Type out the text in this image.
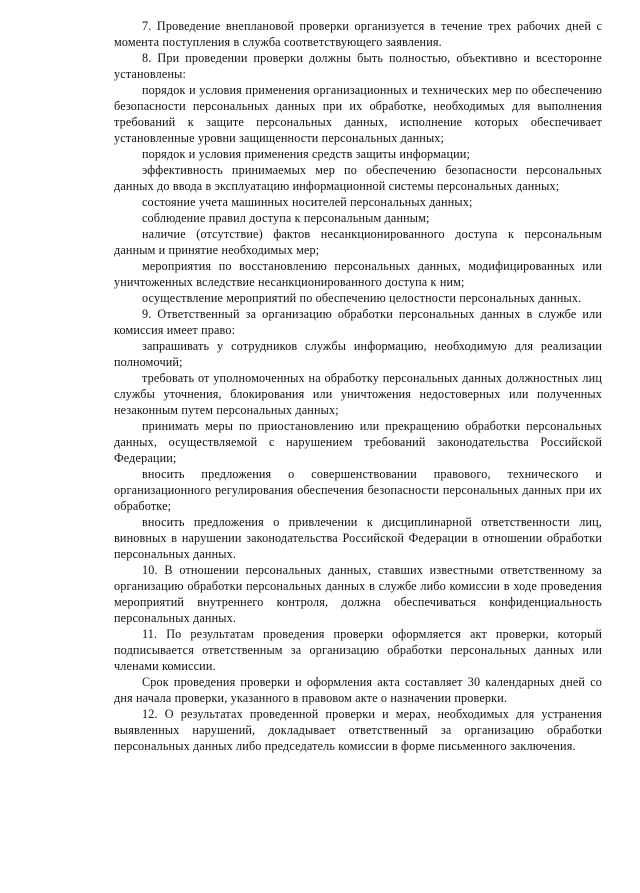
7. Проведение внеплановой проверки организуется в течение трех рабочих дней с момента поступления в служба соответствующего заявления.

8. При проведении проверки должны быть полностью, объективно и всесторонне установлены:

порядок и условия применения организационных и технических мер по обеспечению безопасности персональных данных при их обработке, необходимых для выполнения требований к защите персональных данных, исполнение которых обеспечивает установленные уровни защищенности персональных данных;

порядок и условия применения средств защиты информации;

эффективность принимаемых мер по обеспечению безопасности персональных данных до ввода в эксплуатацию информационной системы персональных данных;

состояние учета машинных носителей персональных данных;

соблюдение правил доступа к персональным данным;

наличие (отсутствие) фактов несанкционированного доступа к персональным данным и принятие необходимых мер;

мероприятия по восстановлению персональных данных, модифицированных или уничтоженных вследствие несанкционированного доступа к ним;

осуществление мероприятий по обеспечению целостности персональных данных.

9. Ответственный за организацию обработки персональных данных в службе или комиссия имеет право:

запрашивать у сотрудников службы информацию, необходимую для реализации полномочий;

требовать от уполномоченных на обработку персональных данных должностных лиц службы уточнения, блокирования или уничтожения недостоверных или полученных незаконным путем персональных данных;

принимать меры по приостановлению или прекращению обработки персональных данных, осуществляемой с нарушением требований законодательства Российской Федерации;

вносить предложения о совершенствовании правового, технического и организационного регулирования обеспечения безопасности персональных данных при их обработке;

вносить предложения о привлечении к дисциплинарной ответственности лиц, виновных в нарушении законодательства Российской Федерации в отношении обработки персональных данных.

10. В отношении персональных данных, ставших известными ответственному за организацию обработки персональных данных в службе либо комиссии в ходе проведения мероприятий внутреннего контроля, должна обеспечиваться конфиденциальность персональных данных.

11. По результатам проведения проверки оформляется акт проверки, который подписывается ответственным за организацию обработки персональных данных или членами комиссии.

Срок проведения проверки и оформления акта составляет 30 календарных дней со дня начала проверки, указанного в правовом акте о назначении проверки.

12. О результатах проведенной проверки и мерах, необходимых для устранения выявленных нарушений, докладывает ответственный за организацию обработки персональных данных либо председатель комиссии в форме письменного заключения.
